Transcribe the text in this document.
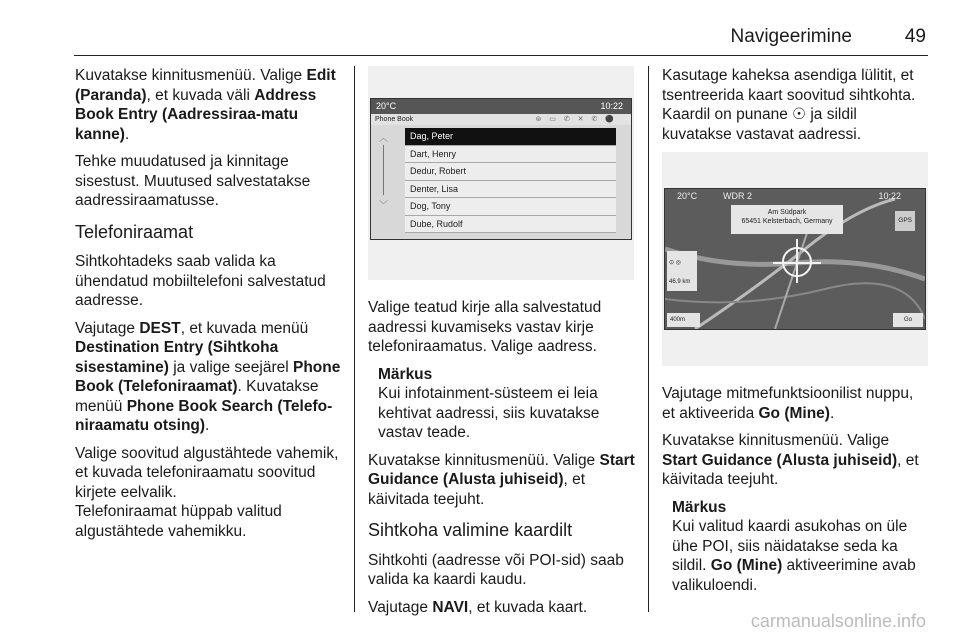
Navigeerimine	49

Kuvatakse kinnitusmenüü. Valige Edit (Paranda), et kuvada väli Address Book Entry (Aadressiraa-matu kanne).

Tehke muudatused ja kinnitage sisestust. Muutused salvestatakse aadressiraamatusse.

Telefoniraamat

Sihtkohtadeks saab valida ka ühendatud mobiiltelefoni salvestatud aadresse.

Vajutage DEST, et kuvada menüü Destination Entry (Sihtkoha sisestamine) ja valige seejärel Phone Book (Telefoniraamat). Kuvatakse menüü Phone Book Search (Telefo-niraamatu otsing).

Valige soovitud algustähtede vahemik, et kuvada telefoniraamatu soovitud kirjete eelvalik.

Telefoniraamat hüppab valitud algustähtede vahemikku.

20°C	10:22
Phone Book	⊜ ▭ ✆ ✕ ✆ ⚫
︿
﹀
Dag, Peter
Dart, Henry
Dedur, Robert
Denter, Lisa
Dog, Tony
Dube, Rudolf

Valige teatud kirje alla salvestatud aadressi kuvamiseks vastav kirje telefoniraamatus. Valige aadress.

Märkus
Kui infotainment-süsteem ei leia kehtivat aadressi, siis kuvatakse vastav teade.

Kuvatakse kinnitusmenüü. Valige Start Guidance (Alusta juhiseid), et käivitada teejuht.

Sihtkoha valimine kaardilt

Sihtkohti (aadresse või POI-sid) saab valida ka kaardi kaudu.

Vajutage NAVI, et kuvada kaart.

Kasutage kaheksa asendiga lülitit, et tsentreerida kaart soovitud sihtkohta. Kaardil on punane ☉ ja sildil kuvatakse vastavat aadressi.

20°C	WDR 2	10:22
Am Südpark
65451 Kelsterbach, Germany	GPS
⊙ ◎
46.9 km
400m	Go

Vajutage mitmefunktsioonilist nuppu, et aktiveerida Go (Mine).

Kuvatakse kinnitusmenüü. Valige Start Guidance (Alusta juhiseid), et käivitada teejuht.

Märkus
Kui valitud kaardi asukohas on üle ühe POI, siis näidatakse seda ka sildil. Go (Mine) aktiveerimine avab valikuloendi.
carmanualsonline.info
